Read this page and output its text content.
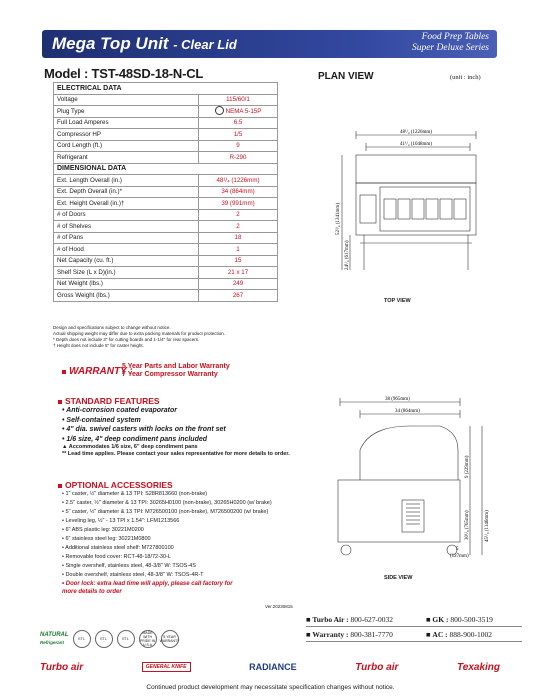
Mega Top Unit - Clear Lid	Food Prep Tables
Super Deluxe Series
Model : TST-48SD-18-N-CL
ELECTRICAL DATA	
Voltage	115/60/1
Plug Type	NEMA 5-15P
Full Load Amperes	6.5
Compressor HP	1/5
Cord Length (ft.)	9
Refrigerant	R-290
DIMENSIONAL DATA	
Ext. Length Overall (in.)	48¹/₄ (1226mm)
Ext. Depth Overall (in.)*	34 (864mm)
Ext. Height Overall (in.)†	39 (991mm)
# of Doors	2
# of Shelves	2
# of Pans	18
# of Hood	1
Net Capacity (cu. ft.)	15
Shelf Size (L x D)(in.)	21 x 17
Net Weight (lbs.)	249
Gross Weight (lbs.)	267
Design and specifications subject to change without notice.
Actual shipping weight may differ due to extra packing materials for product protection.
* Depth does not include 3" for cutting boards and 1-1/4" for rear spacers.
† Height does not include 5" for caster height.
WARRANTY :
5 Year Parts and Labor Warranty
7 Year Compressor Warranty
STANDARD FEATURES
• Anti-corrosion coated evaporator
• Self-contained system
• 4" dia. swivel casters with locks on the front set
• 1/6 size, 4" deep condiment pans included
▲ Accommodates 1/6 size, 6" deep condiment pans
** Lead time applies. Please contact your sales representative for more details to order.
OPTIONAL ACCESSORIES
• 1" caster, ½" diameter & 13 TPI: S28R813660 (non-brake)
• 2.5" caster, ½" diameter & 13 TPI: 30265H0100 (non-brake), 30265H0200 (w/ brake)
• 5" caster, ½" diameter & 13 TPI: M726500100 (non-brake), M726500200 (w/ brake)
• Leveling leg, ½" - 13 TPI x 1.54": LFM1213566
• 6" ABS plastic leg: 30221M0200
• 6" stainless steel leg: 30221M0800
• Additional stainless steel shelf: M727800100
• Removable food cover: RCT-48-18/72-30-L
• Single overshelf, stainless steel, 48-3/8" W: TSOS-4S
• Double overshelf, stainless steel, 48-3/8" W: TSOS-4R-T
• Door lock: extra lead time will apply, please call factory for
more details to order
Ver.20230815
PLAN VIEW	(unit : inch)
48¹/₄ (1226mm)
41¹/₄ (1048mm)
52³/₄ (1341mm)
24¹/₄ (617mm)
TOP VIEW
38 (965mm)
34 (864mm)
9 (229mm)
45¹/₈ (1146mm)
30¹/₈ (765mm)
5
(127mm)
SIDE VIEW
NATURAL
Refrigerant
ETL	ETL	ETL
MADE WITH PRIDE IN U.S.A
5 YEAR WARRANTY
■ Turbo Air : 800-627-0032	■ GK : 800-500-3519
■ Warranty : 800-381-7770	■ AC : 888-900-1002
Turbo air	GENERAL KNIFE	RADIANCE	Turbo air	Texaking
Continued product development may necessitate specification changes without notice.
